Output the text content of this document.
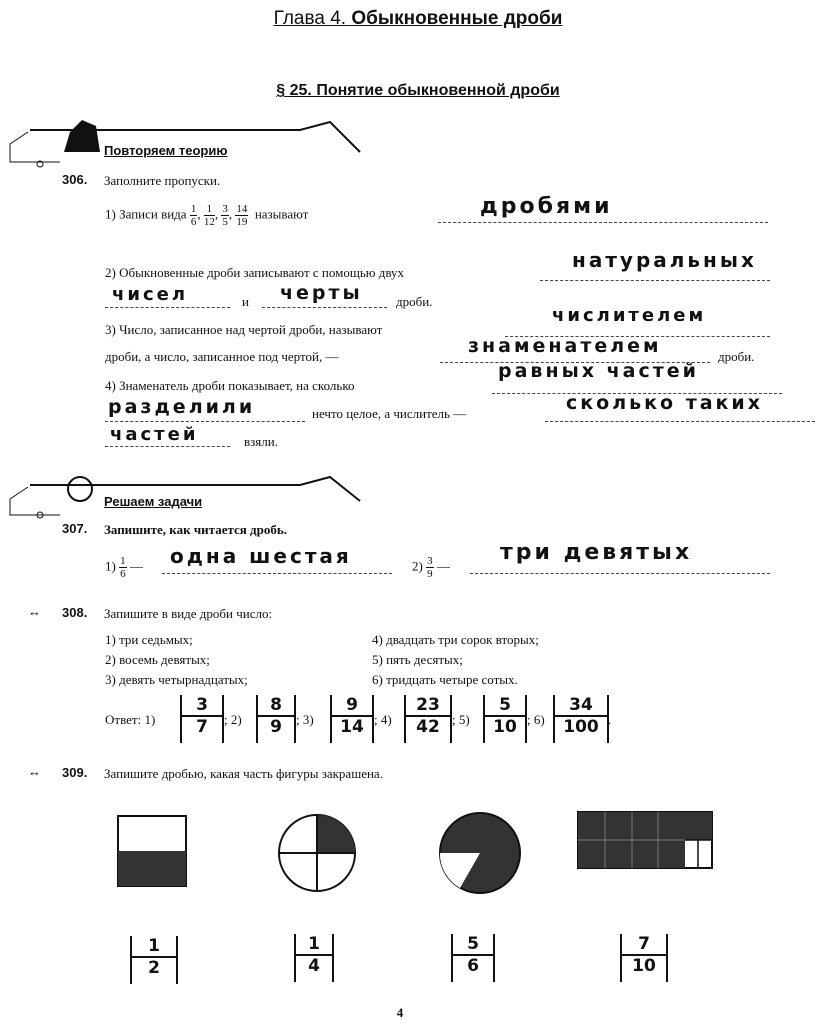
Глава 4. Обыкновенные дроби
§ 25. Понятие обыкновенной дроби
Повторяем теорию
306. Заполните пропуски.
1) Записи вида $\frac{1}{6}$ , $\frac{1}{12}$ , $\frac{3}{5}$ , $\frac{14}{19}$ называют	дробями
2) Обыкновенные дроби записывают с помощью двух
натуральных
чисел	и черты	дроби.
3) Число, записанное над чертой дроби, называют
числителем
дроби, а число, записанное под чертой, —	знаменателем	дроби.
4) Знаменатель дроби показывает, на сколько
равных частей
разделили	нечто целое, а числитель —	сколько таких
частей	взяли.
Решаем задачи
307. Запишите, как читается дробь.
$1) \frac{1}{6}$ — одна шестая	$2) \frac{3}{9}$ —
три девятых
↔ 308. Запишите в виде дроби число:
1) три седьмых;	4) двадцать три сорок вторых;
2) восемь девятых;	5) пять десятых;
3) девять четырнадцатых;	6) тридцать четыре сотых.
Ответ: $1) \frac{3}{7}$ ; $2) \frac{8}{9}$ ; $3) \frac{9}{14}$ ; $4) \frac{23}{42}$ ; $5) \frac{5}{10}$ ; $6) \frac{34}{100}$ .
↔ 309. Запишите дробью, какая часть фигуры закрашена.
$\frac{1}{2}$	$\frac{1}{4}$	$\frac{5}{6}$	$\frac{7}{10}$
4
